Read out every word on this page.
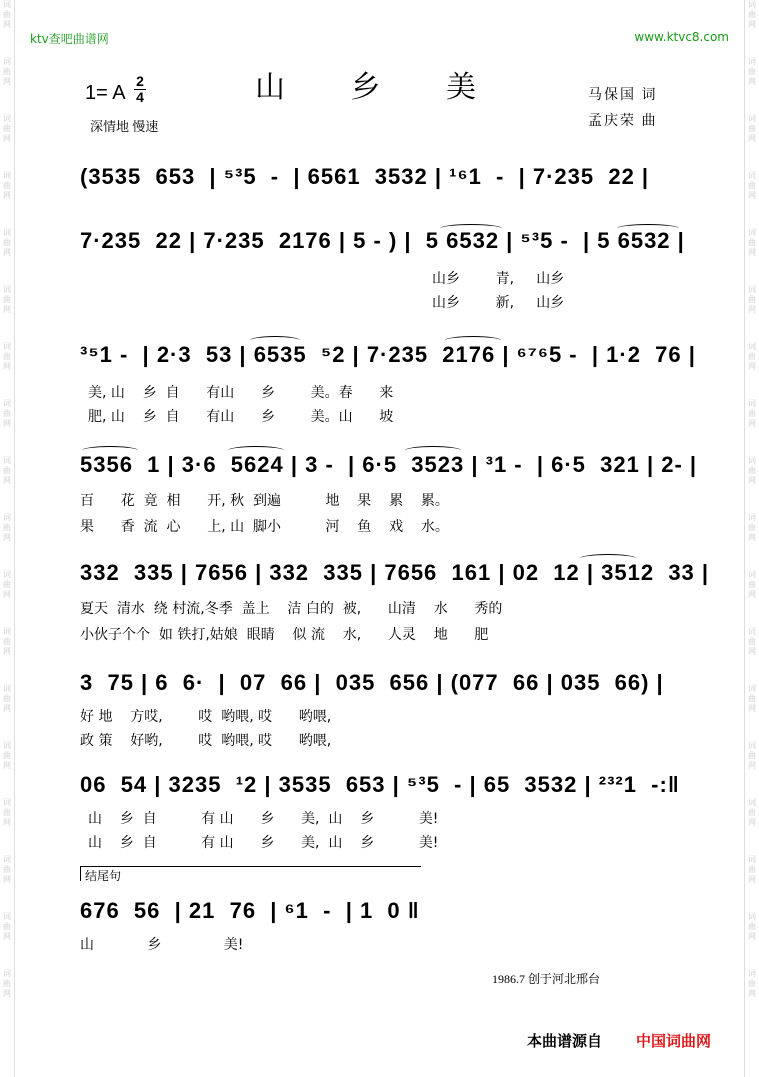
词
曲
网
词
曲
网
词
曲
网
词
曲
网
词
曲
网
词
曲
网
词
曲
网
词
曲
网
词
曲
网
词
曲
网
词
曲
网
词
曲
网
词
曲
网
词
曲
网
词
曲
网
词
曲
网
词
曲
网
词
曲
网
词
曲
网
词
曲
网
词
曲
网
词
曲
网
词
曲
网
词
曲
网
词
曲
网
词
曲
网
词
曲
网
词
曲
网
词
曲
网
词
曲
网
词
曲
网
词
曲
网
词
曲
网
词
曲
网
词
曲
网
词
曲
网
ktv查吧曲谱网	www.ktvc8.com
山 乡 美
1= A
2
4
深情地 慢速
马保国 词
孟庆荣 曲
(3535  653  | ⁵³5  -  | 6561  3532 | ¹⁶1  -  | 7·235  22 |
7·235  22 | 7·235  2176 | 5 - ) |  5 6532 | ⁵³5 -  | 5 6532 |
³⁵1 -  | 2·3  53 | 6535  ⁵2 | 7·235  2176 | ⁶⁷⁶5 -  | 1·2  76 |
5356  1 | 3·6  5624 | 3 -  | 6·5  3523 | ³1 -  | 6·5  321 | 2- |
332  335 | 7656 | 332  335 | 7656  161 | 02  12 | 3512  33 |
3  75 | 6  6·  |  07  66 |  035  656 | (077  66 | 035  66) |
06  54 | 3235  ¹2 | 3535  653 | ⁵³5  - | 65  3532 | ²³²1  -:‖
676  56  | 21  76  | ⁶1  -  | 1  0 ‖
结尾句
山乡        青,     山乡
山乡        新,     山乡
美, 山    乡  自      有山      乡        美。春      来
肥, 山    乡  自      有山      乡        美。山      坡
百      花  竟  相      开, 秋  到遍          地    果    累    累。
果      香  流  心      上, 山  脚小          河    鱼    戏    水。
夏天  清水  绕 村流,冬季  盖上    洁 白的  被,      山清    水      秀的
小伙子个个  如 铁打,姑娘  眼睛    似 流    水,      人灵    地      肥
好 地    方哎,        哎  哟喂, 哎      哟喂,
政 策    好哟,        哎  哟喂, 哎      哟喂,
山    乡  自          有 山      乡      美,  山    乡          美!
山    乡  自          有 山      乡      美,  山    乡          美!
山            乡              美!
1986.7 创于河北邢台
本曲谱源自 中国词曲网
